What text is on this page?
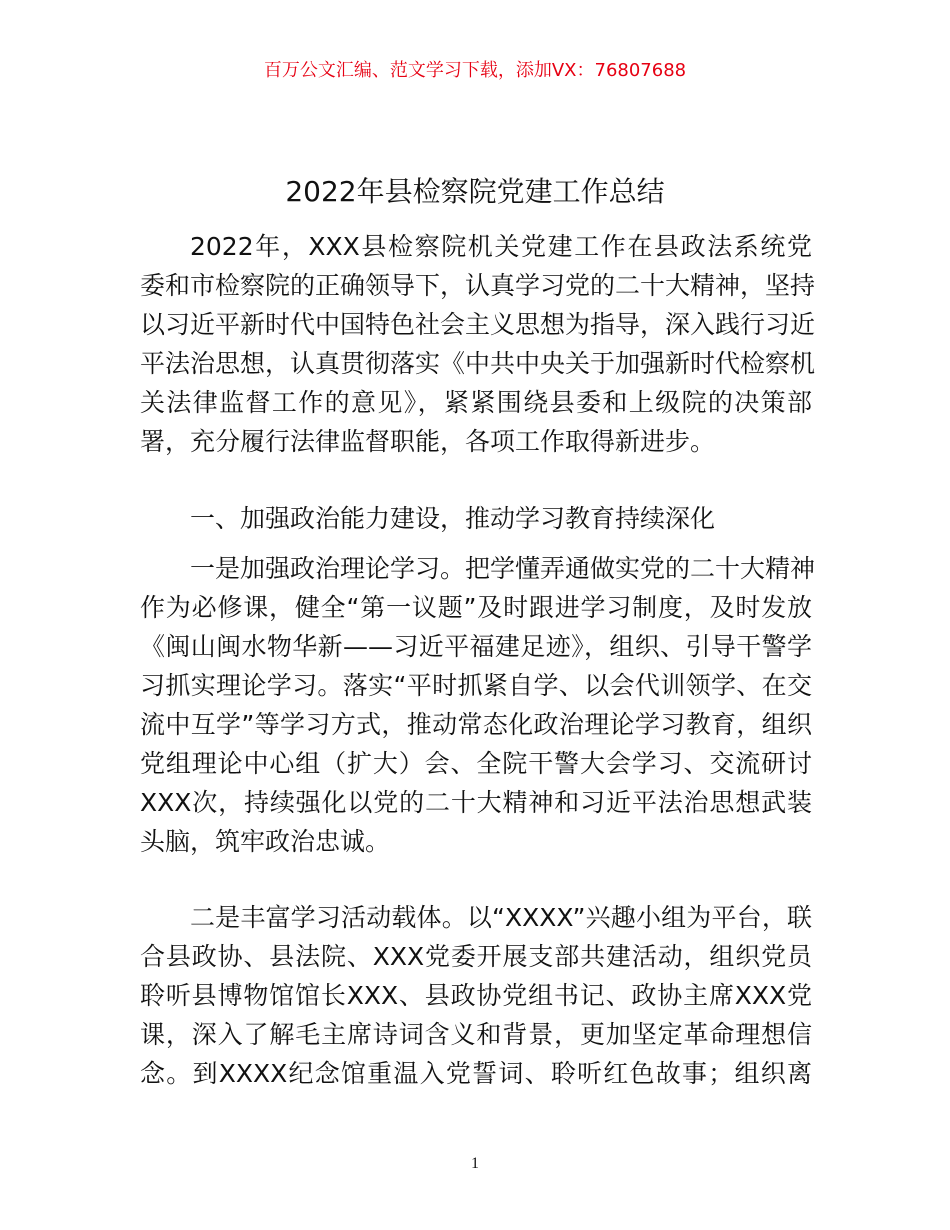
百万公文汇编、范文学习下载，添加VX：76807688
2022年县检察院党建工作总结
2022年，XXX县检察院机关党建工作在县政法系统党
委和市检察院的正确领导下，认真学习党的二十大精神，坚持
以习近平新时代中国特色社会主义思想为指导，深入践行习近
平法治思想，认真贯彻落实《中共中央关于加强新时代检察机
关法律监督工作的意见》，紧紧围绕县委和上级院的决策部
署，充分履行法律监督职能，各项工作取得新进步。
一、加强政治能力建设，推动学习教育持续深化
一是加强政治理论学习。把学懂弄通做实党的二十大精神
作为必修课，健全“第一议题”及时跟进学习制度，及时发放
《闽山闽水物华新——习近平福建足迹》，组织、引导干警学
习抓实理论学习。落实“平时抓紧自学、以会代训领学、在交
流中互学”等学习方式，推动常态化政治理论学习教育，组织
党组理论中心组（扩大）会、全院干警大会学习、交流研讨
XXX次，持续强化以党的二十大精神和习近平法治思想武装
头脑，筑牢政治忠诚。
二是丰富学习活动载体。以“XXXX”兴趣小组为平台，联
合县政协、县法院、XXX党委开展支部共建活动，组织党员
聆听县博物馆馆长XXX、县政协党组书记、政协主席XXX党
课，深入了解毛主席诗词含义和背景，更加坚定革命理想信
念。到XXXX纪念馆重温入党誓词、聆听红色故事；组织离
1
